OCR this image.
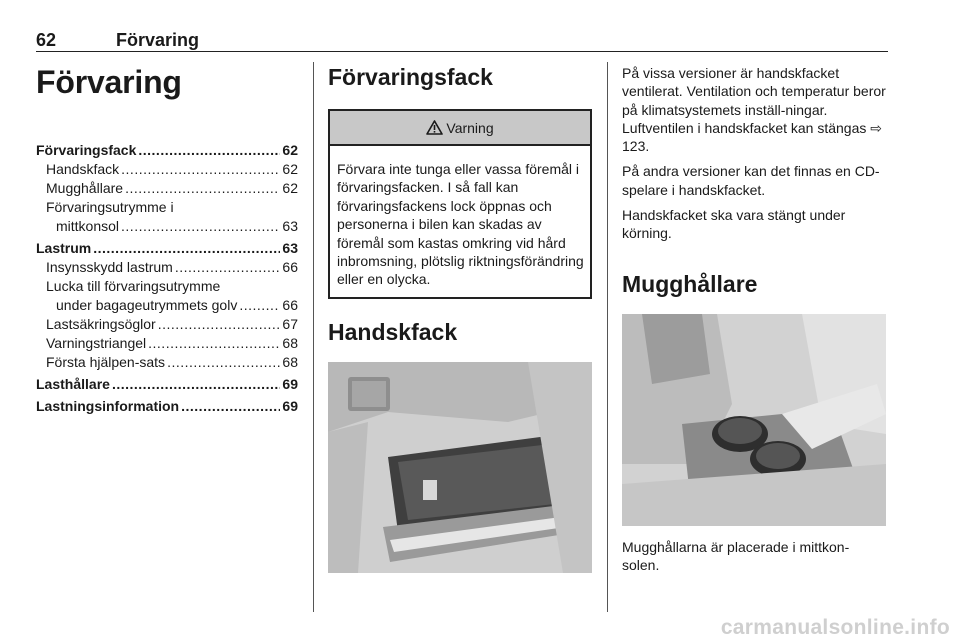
62	Förvaring
Förvaring
Förvaringsfack .....	62
Handskfack .....	62
Mugghållare .....	62
Förvaringsutrymme i
mittkonsol .....	63
Lastrum .....	63
Insynsskydd lastrum .....	66
Lucka till förvaringsutrymme
under bagageutrymmets golv .....	66
Lastsäkringsöglor .....	67
Varningstriangel .....	68
Första hjälpen-sats .....	68
Lasthållare .....	69
Lastningsinformation .....	69
Förvaringsfack
Varning
Förvara inte tunga eller vassa föremål i förvaringsfacken. I så fall kan förvaringsfackens lock öppnas och personerna i bilen kan skadas av föremål som kastas omkring vid hård inbromsning, plötslig riktningsförändring eller en olycka.
Handskfack

På vissa versioner är handskfacket ventilerat. Ventilation och temperatur beror på klimatsystemets inställ-ningar. Luftventilen i handskfacket kan stängas ⇨ 123.

På andra versioner kan det finnas en CD-spelare i handskfacket.

Handskfacket ska vara stängt under körning.

Mugghållare
Mugghållarna är placerade i mittkon-solen.
carmanualsonline.info
